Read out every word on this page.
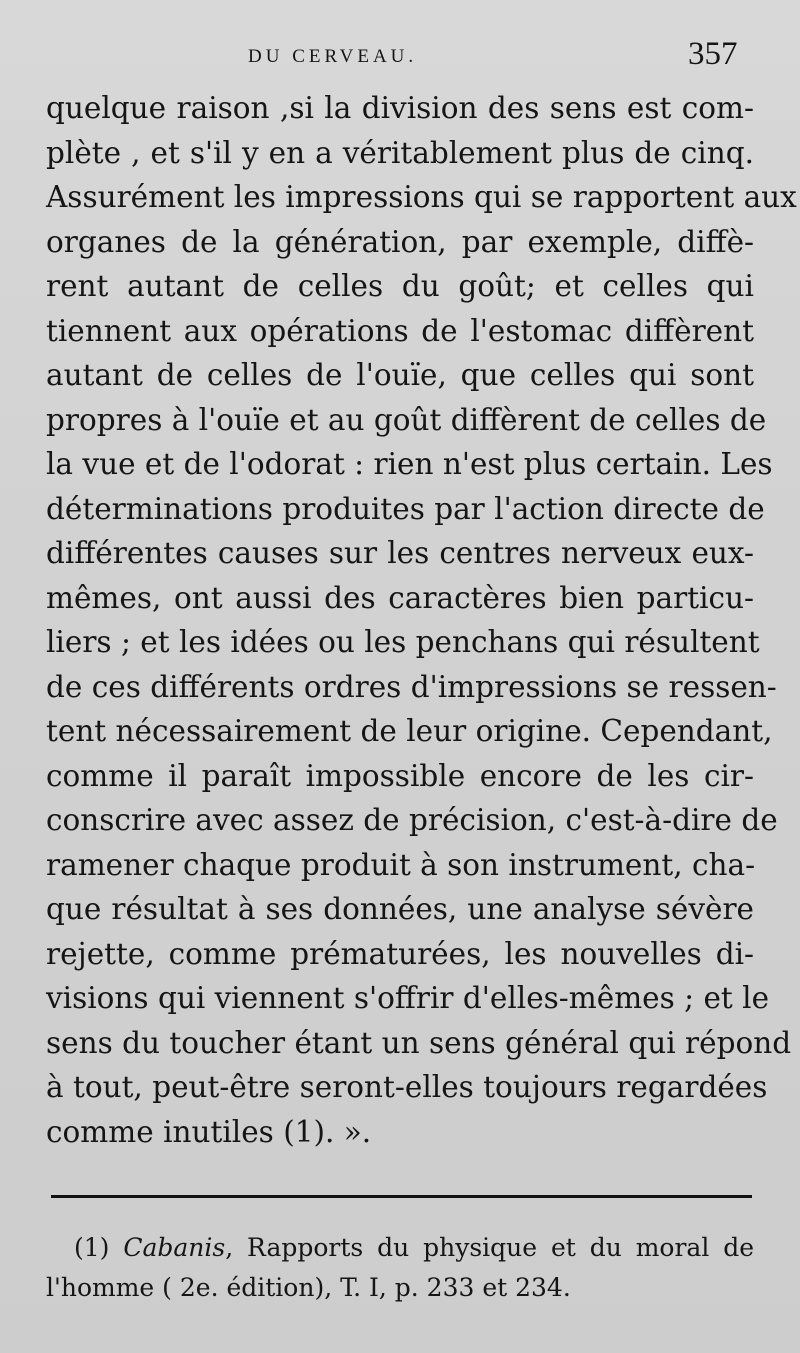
DU CERVEAU.	357
quelque raison ,si la division des sens est com-
plète , et s'il y en a véritablement plus de cinq.
Assurément les impressions qui se rapportent aux
organes de la génération, par exemple, diffè-
rent autant de celles du goût; et celles qui
tiennent aux opérations de l'estomac diffèrent
autant de celles de l'ouïe, que celles qui sont
propres à l'ouïe et au goût diffèrent de celles de
la vue et de l'odorat : rien n'est plus certain. Les
déterminations produites par l'action directe de
différentes causes sur les centres nerveux eux-
mêmes, ont aussi des caractères bien particu-
liers ; et les idées ou les penchans qui résultent
de ces différents ordres d'impressions se ressen-
tent nécessairement de leur origine. Cependant,
comme il paraît impossible encore de les cir-
conscrire avec assez de précision, c'est-à-dire de
ramener chaque produit à son instrument, cha-
que résultat à ses données, une analyse sévère
rejette, comme prématurées, les nouvelles di-
visions qui viennent s'offrir d'elles-mêmes ; et le
sens du toucher étant un sens général qui répond
à tout, peut-être seront-elles toujours regardées
comme inutiles (1). ».
(1) Cabanis, Rapports du physique et du moral de
l'homme ( 2e. édition), T. I, p. 233 et 234.
